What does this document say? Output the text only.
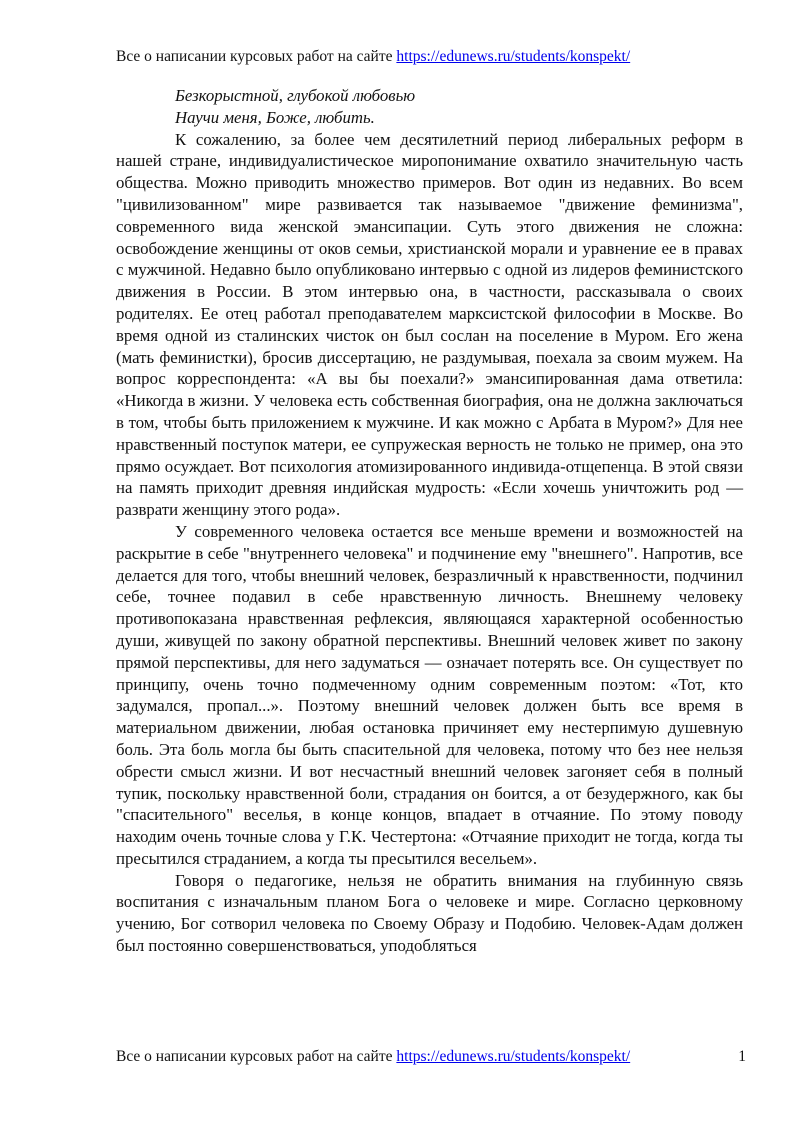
Все о написании курсовых работ на сайте https://edunews.ru/students/konspekt/

Безкорыстной, глубокой любовью

Научи меня, Боже, любить.

К сожалению, за более чем десятилетний период либеральных реформ в нашей стране, индивидуалистическое миропонимание охватило значительную часть общества. Можно приводить множество примеров. Вот один из недавних. Во всем "цивилизованном" мире развивается так называемое "движение феминизма", современного вида женской эмансипации. Суть этого движения не сложна: освобождение женщины от оков семьи, христианской морали и уравнение ее в правах с мужчиной. Недавно было опубликовано интервью с одной из лидеров феминистского движения в России. В этом интервью она, в частности, рассказывала о своих родителях. Ее отец работал преподавателем марксистской философии в Москве. Во время одной из сталинских чисток он был сослан на поселение в Муром. Его жена (мать феминистки), бросив диссертацию, не раздумывая, поехала за своим мужем. На вопрос корреспондента: «А вы бы поехали?» эмансипированная дама ответила: «Никогда в жизни. У человека есть собственная биография, она не должна заключаться в том, чтобы быть приложением к мужчине. И как можно с Арбата в Муром?» Для нее нравственный поступок матери, ее супружеская верность не только не пример, она это прямо осуждает. Вот психология атомизированного индивида-отщепенца. В этой связи на память приходит древняя индийская мудрость: «Если хочешь уничтожить род — разврати женщину этого рода».

У современного человека остается все меньше времени и возможностей на раскрытие в себе "внутреннего человека" и подчинение ему "внешнего". Напротив, все делается для того, чтобы внешний человек, безразличный к нравственности, подчинил себе, точнее подавил в себе нравственную личность. Внешнему человеку противопоказана нравственная рефлексия, являющаяся характерной особенностью души, живущей по закону обратной перспективы. Внешний человек живет по закону прямой перспективы, для него задуматься — означает потерять все. Он существует по принципу, очень точно подмеченному одним современным поэтом: «Тот, кто задумался, пропал...». Поэтому внешний человек должен быть все время в материальном движении, любая остановка причиняет ему нестерпимую душевную боль. Эта боль могла бы быть спасительной для человека, потому что без нее нельзя обрести смысл жизни. И вот несчастный внешний человек загоняет себя в полный тупик, поскольку нравственной боли, страдания он боится, а от безудержного, как бы "спасительного" веселья, в конце концов, впадает в отчаяние. По этому поводу находим очень точные слова у Г.К. Честертона: «Отчаяние приходит не тогда, когда ты пресытился страданием, а когда ты пресытился весельем».

Говоря о педагогике, нельзя не обратить внимания на глубинную связь воспитания с изначальным планом Бога о человеке и мире. Согласно церковному учению, Бог сотворил человека по Своему Образу и Подобию. Человек-Адам должен был постоянно совершенствоваться, уподобляться

Все о написании курсовых работ на сайте https://edunews.ru/students/konspekt/	1
